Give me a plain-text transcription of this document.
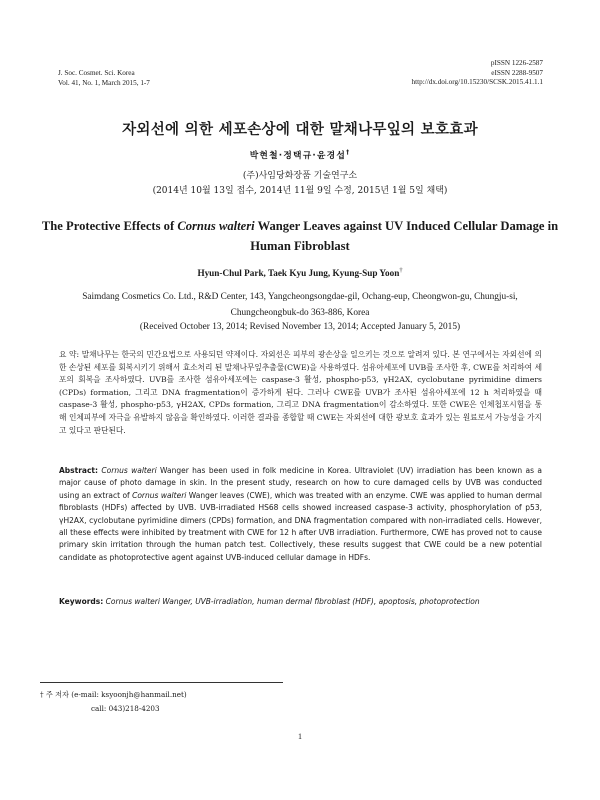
J. Soc. Cosmet. Sci. Korea
Vol. 41, No. 1, March 2015, 1-7
pISSN 1226-2587
eISSN 2288-9507
http://dx.doi.org/10.15230/SCSK.2015.41.1.1
자외선에 의한 세포손상에 대한 말채나무잎의 보호효과
박현철·정택규·윤경섭†
(주)사임당화장품 기술연구소
(2014년 10월 13일 접수, 2014년 11월 9일 수정, 2015년 1월 5일 채택)
The Protective Effects of Cornus walteri Wanger Leaves against UV Induced Cellular Damage in Human Fibroblast
Hyun-Chul Park, Taek Kyu Jung, Kyung-Sup Yoon†
Saimdang Cosmetics Co. Ltd., R&D Center, 143, Yangcheongsongdae-gil, Ochang-eup, Cheongwon-gu, Chungju-si,
Chungcheongbuk-do 363-886, Korea
(Received October 13, 2014; Revised November 13, 2014; Accepted January 5, 2015)
요 약: 말채나무는 한국의 민간요법으로 사용되던 약제이다. 자외선은 피부의 광손상을 일으키는 것으로 알려져 있다. 본 연구에서는 자외선에 의한 손상된 세포를 회복시키기 위해서 효소처리 된 말채나무잎추출물(CWE)을 사용하였다. 섬유아세포에 UVB를 조사한 후, CWE를 처리하여 세포의 회복을 조사하였다. UVB를 조사한 섬유아세포에는 caspase-3 활성, phospho-p53, γH2AX, cyclobutane pyrimidine dimers (CPDs) formation, 그리고 DNA fragmentation이 증가하게 된다. 그러나 CWE를 UVB가 조사된 섬유아세포에 12 h 처리하였을 때 caspase-3 활성, phospho-p53, γH2AX, CPDs formation, 그리고 DNA fragmentation이 감소하였다. 또한 CWE은 인체첩포시험을 통해 인체피부에 자극을 유발하지 않음을 확인하였다. 이러한 결과를 종합할 때 CWE는 자외선에 대한 광보호 효과가 있는 원료로서 가능성을 가지고 있다고 판단된다.
Abstract: Cornus walteri Wanger has been used in folk medicine in Korea. Ultraviolet (UV) irradiation has been known as a major cause of photo damage in skin. In the present study, research on how to cure damaged cells by UVB was conducted using an extract of Cornus walteri Wanger leaves (CWE), which was treated with an enzyme. CWE was applied to human dermal fibroblasts (HDFs) affected by UVB. UVB-irradiated HS68 cells showed increased caspase-3 activity, phosphorylation of p53, γH2AX, cyclobutane pyrimidine dimers (CPDs) formation, and DNA fragmentation compared with non-irradiated cells. However, all these effects were inhibited by treatment with CWE for 12 h after UVB irradiation. Furthermore, CWE has proved not to cause primary skin irritation through the human patch test. Collectively, these results suggest that CWE could be a new potential candidate as photoprotective agent against UVB-induced cellular damage in HDFs.
Keywords: Cornus walteri Wanger, UVB-irradiation, human dermal fibroblast (HDF), apoptosis, photoprotection
† 주 저자 (e-mail: ksyoonjh@hanmail.net)
call: 043)218-4203
1
